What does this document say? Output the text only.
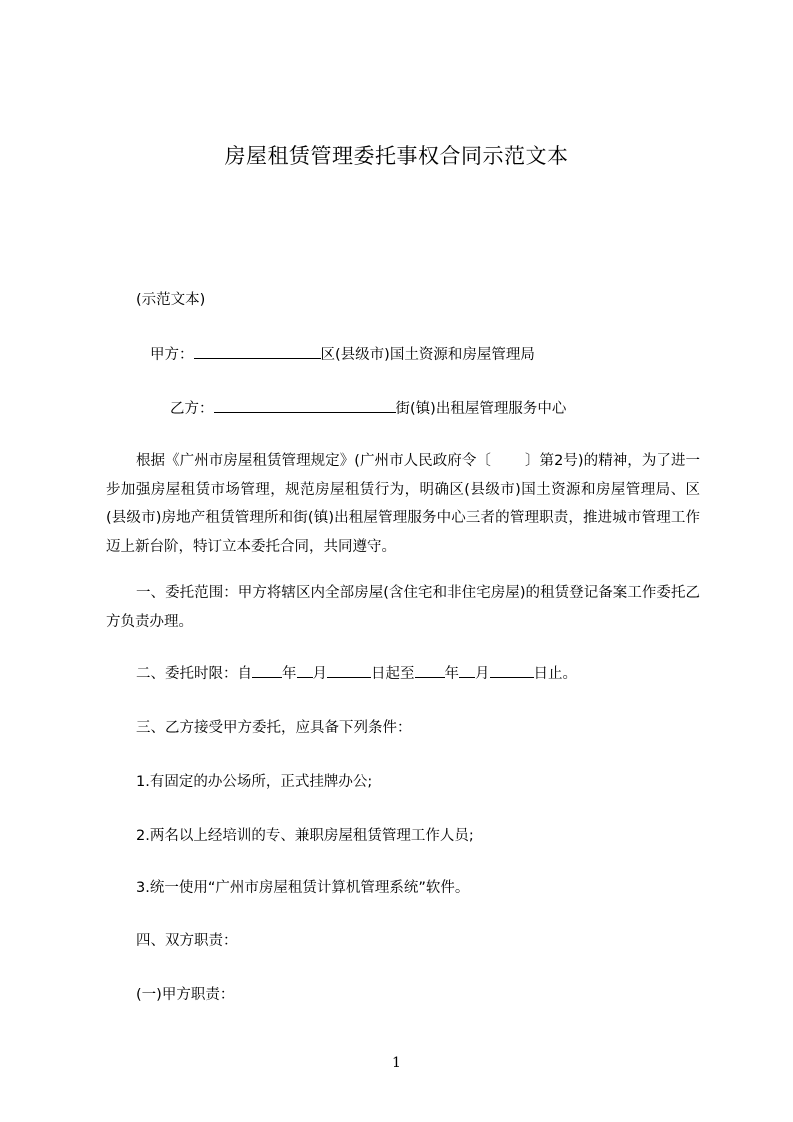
房屋租赁管理委托事权合同示范文本
(示范文本)
甲方：	区(县级市)国土资源和房屋管理局
乙方：	街(镇)出租屋管理服务中心
根据《广州市房屋租赁管理规定》(广州市人民政府令〔 〕第2号)的精神，为了进一步加强房屋租赁市场管理，规范房屋租赁行为，明确区(县级市)国土资源和房屋管理局、区(县级市)房地产租赁管理所和街(镇)出租屋管理服务中心三者的管理职责，推进城市管理工作迈上新台阶，特订立本委托合同，共同遵守。
一、委托范围：甲方将辖区内全部房屋(含住宅和非住宅房屋)的租赁登记备案工作委托乙方负责办理。
二、委托时限：自 年 月	日起至 年 月	日止。
三、乙方接受甲方委托，应具备下列条件：
1.有固定的办公场所，正式挂牌办公;
2.两名以上经培训的专、兼职房屋租赁管理工作人员;
3.统一使用“广州市房屋租赁计算机管理系统”软件。
四、双方职责：
(一)甲方职责：
1
